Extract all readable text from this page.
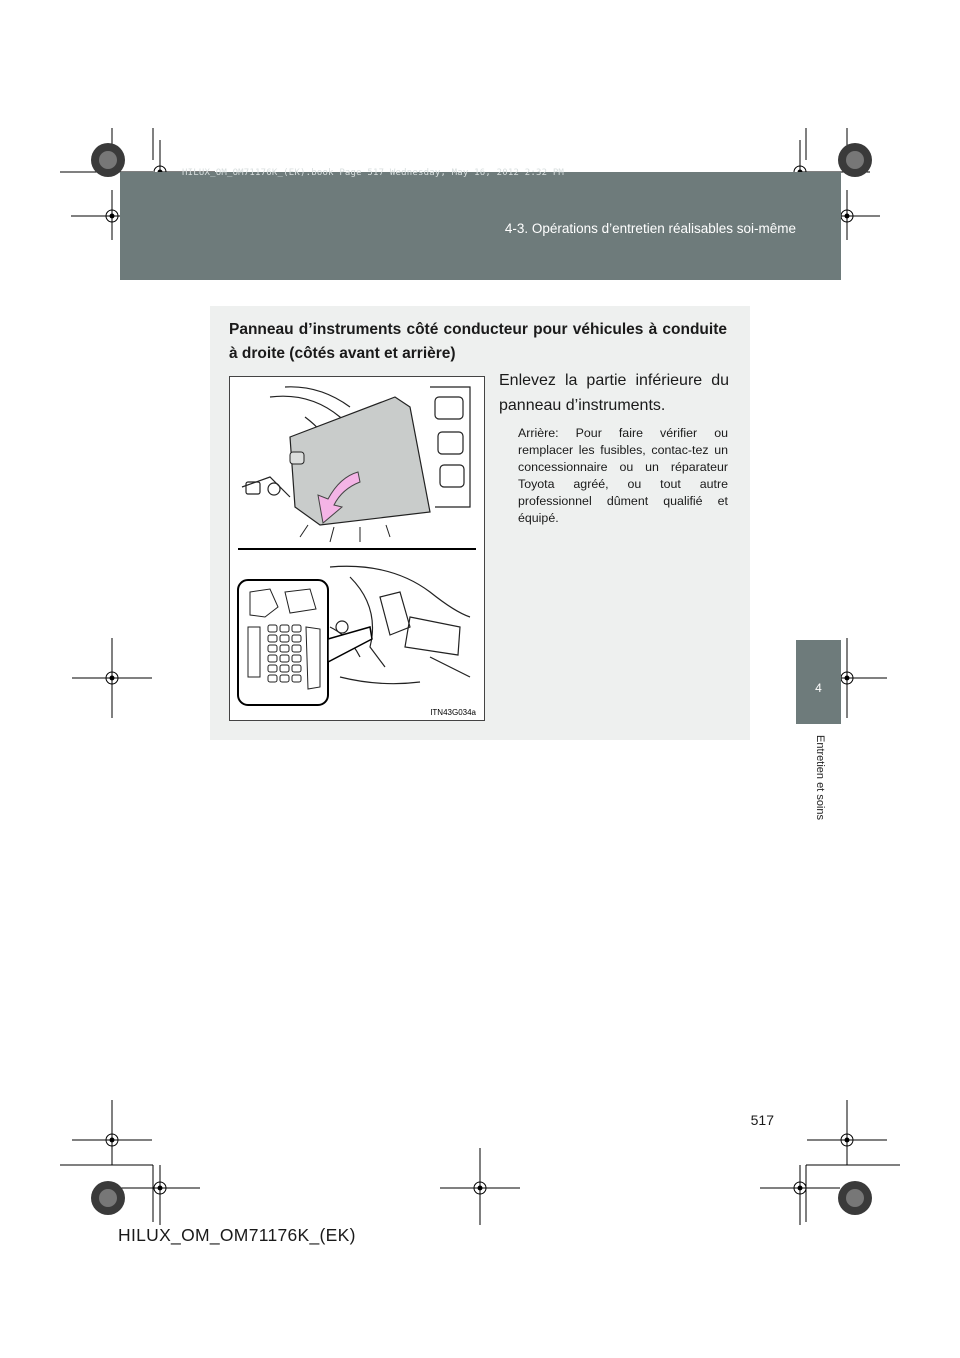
HILUX_OM_OM71176K_(EK).book Page 517 Wednesday, May 16, 2012 2:32 PM
4-3. Opérations d’entretien réalisables soi-même
4
Entretien et soins
Panneau d’instruments côté conducteur pour véhicules à conduite à droite (côtés avant et arrière)
ITN43G034a
Enlevez la partie inférieure du panneau d’instruments.
Arrière: Pour faire vérifier ou remplacer les fusibles, contac-tez un concessionnaire ou un réparateur Toyota agréé, ou tout autre professionnel dûment qualifié et équipé.
517
HILUX_OM_OM71176K_(EK)
